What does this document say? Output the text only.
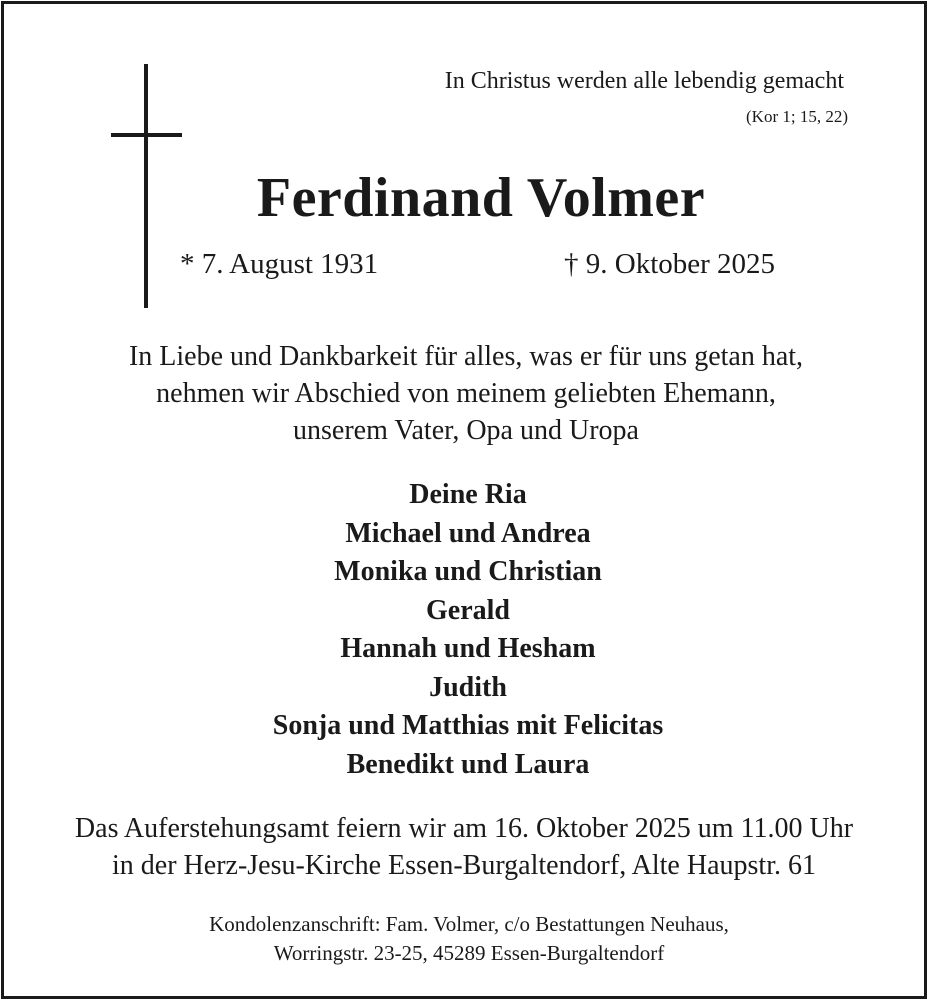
In Christus werden alle lebendig gemacht
(Kor 1; 15, 22)
Ferdinand Volmer
* 7. August 1931	† 9. Oktober 2025
In Liebe und Dankbarkeit für alles, was er für uns getan hat,
nehmen wir Abschied von meinem geliebten Ehemann,
unserem Vater, Opa und Uropa
Deine Ria
Michael und Andrea
Monika und Christian
Gerald
Hannah und Hesham
Judith
Sonja und Matthias mit Felicitas
Benedikt und Laura
Das Auferstehungsamt feiern wir am 16. Oktober 2025 um 11.00 Uhr
in der Herz-Jesu-Kirche Essen-Burgaltendorf, Alte Haupstr. 61
Kondolenzanschrift: Fam. Volmer, c/o Bestattungen Neuhaus,
Worringstr. 23-25, 45289 Essen-Burgaltendorf
